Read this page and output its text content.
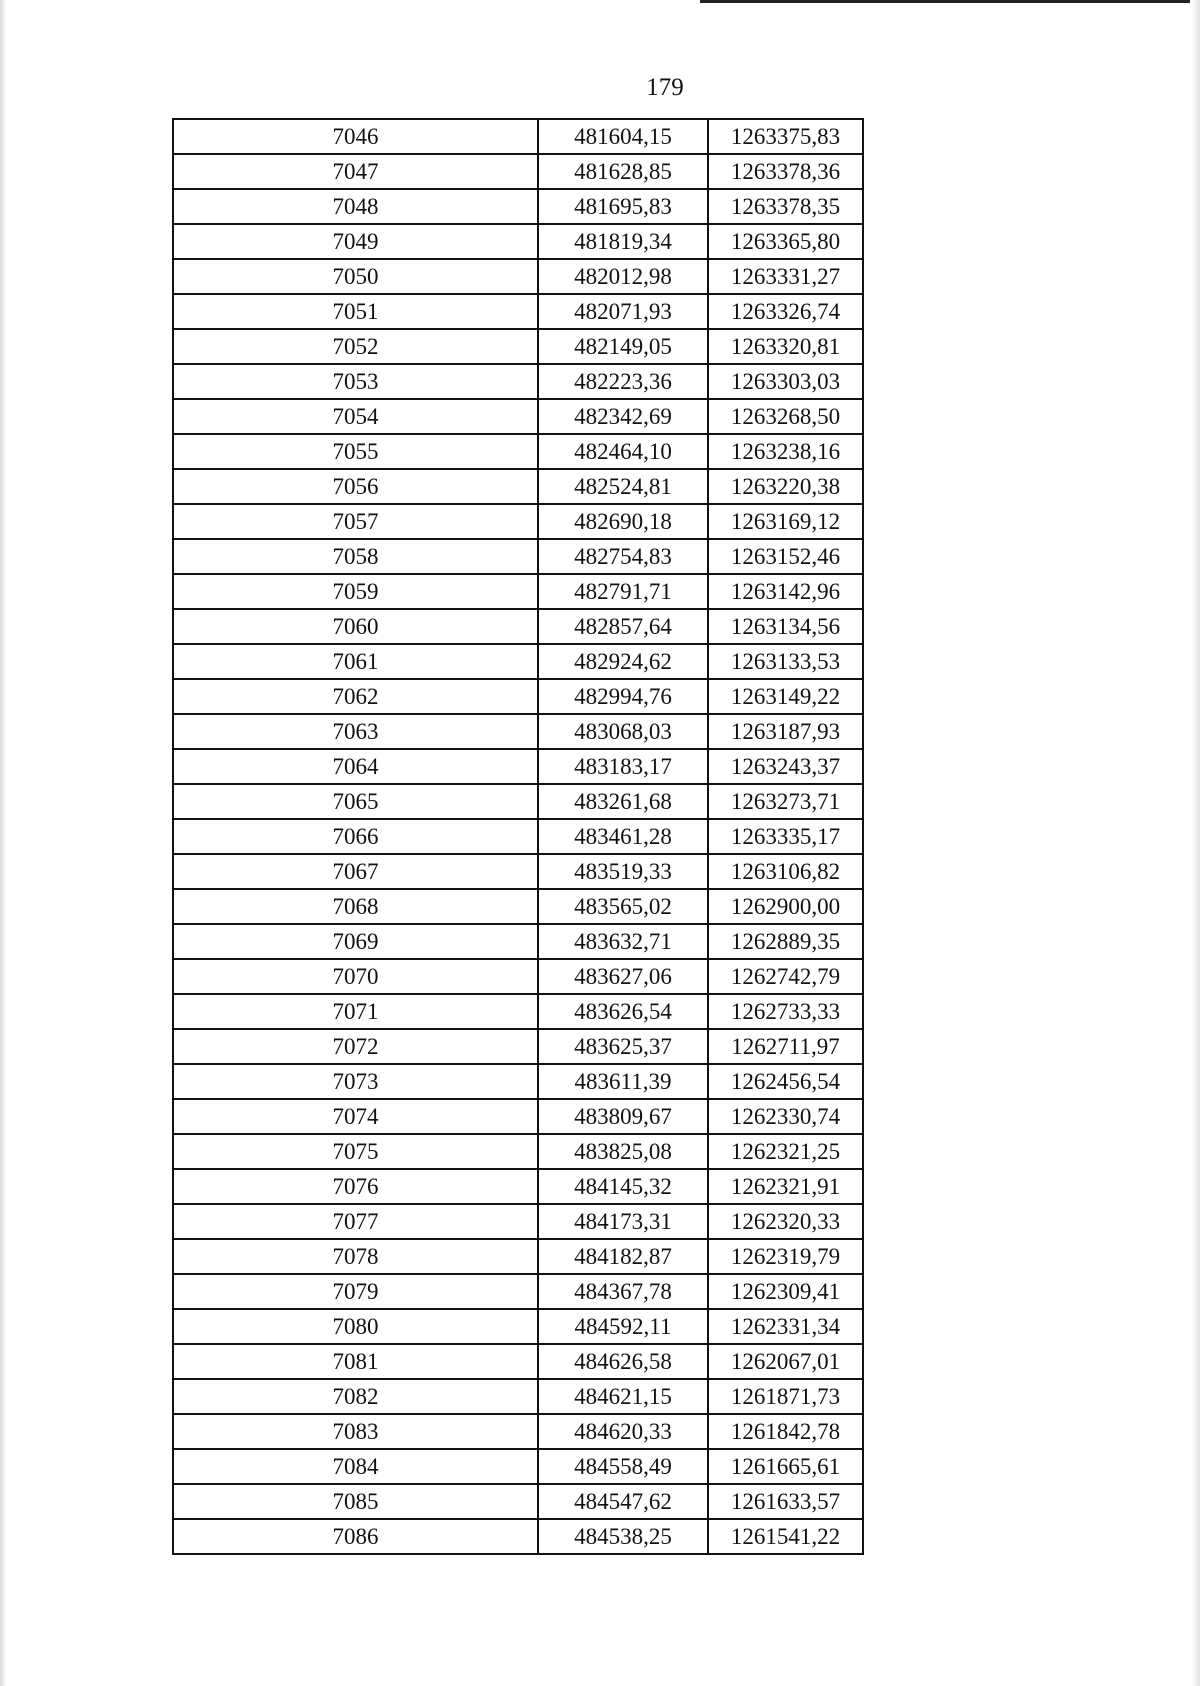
179
7046	481604,15	1263375,83
7047	481628,85	1263378,36
7048	481695,83	1263378,35
7049	481819,34	1263365,80
7050	482012,98	1263331,27
7051	482071,93	1263326,74
7052	482149,05	1263320,81
7053	482223,36	1263303,03
7054	482342,69	1263268,50
7055	482464,10	1263238,16
7056	482524,81	1263220,38
7057	482690,18	1263169,12
7058	482754,83	1263152,46
7059	482791,71	1263142,96
7060	482857,64	1263134,56
7061	482924,62	1263133,53
7062	482994,76	1263149,22
7063	483068,03	1263187,93
7064	483183,17	1263243,37
7065	483261,68	1263273,71
7066	483461,28	1263335,17
7067	483519,33	1263106,82
7068	483565,02	1262900,00
7069	483632,71	1262889,35
7070	483627,06	1262742,79
7071	483626,54	1262733,33
7072	483625,37	1262711,97
7073	483611,39	1262456,54
7074	483809,67	1262330,74
7075	483825,08	1262321,25
7076	484145,32	1262321,91
7077	484173,31	1262320,33
7078	484182,87	1262319,79
7079	484367,78	1262309,41
7080	484592,11	1262331,34
7081	484626,58	1262067,01
7082	484621,15	1261871,73
7083	484620,33	1261842,78
7084	484558,49	1261665,61
7085	484547,62	1261633,57
7086	484538,25	1261541,22
